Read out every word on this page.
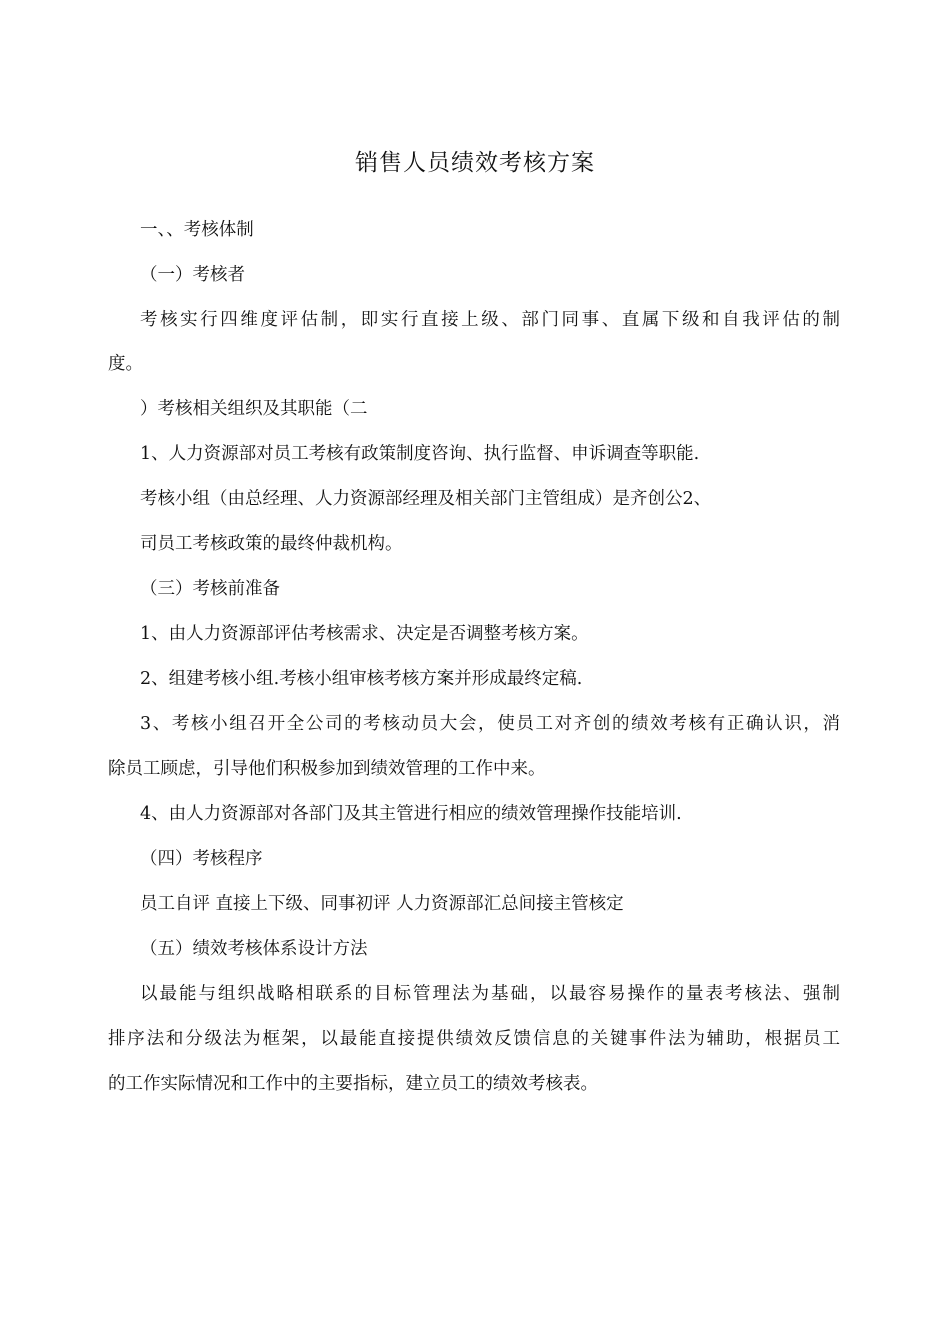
销售人员绩效考核方案
一、、考核体制
（一）考核者
考核实行四维度评估制，即实行直接上级、部门同事、直属下级和自我评估的制
度。
）考核相关组织及其职能（二
1、人力资源部对员工考核有政策制度咨询、执行监督、申诉调查等职能.
考核小组（由总经理、人力资源部经理及相关部门主管组成）是齐创公2、
司员工考核政策的最终仲裁机构。
（三）考核前准备
1、由人力资源部评估考核需求、决定是否调整考核方案。
2、组建考核小组.考核小组审核考核方案并形成最终定稿.
3、考核小组召开全公司的考核动员大会，使员工对齐创的绩效考核有正确认识，消
除员工顾虑，引导他们积极参加到绩效管理的工作中来。
4、由人力资源部对各部门及其主管进行相应的绩效管理操作技能培训.
（四）考核程序
员工自评 直接上下级、同事初评 人力资源部汇总间接主管核定
（五）绩效考核体系设计方法
以最能与组织战略相联系的目标管理法为基础，以最容易操作的量表考核法、强制
排序法和分级法为框架，以最能直接提供绩效反馈信息的关键事件法为辅助，根据员工
的工作实际情况和工作中的主要指标，建立员工的绩效考核表。
